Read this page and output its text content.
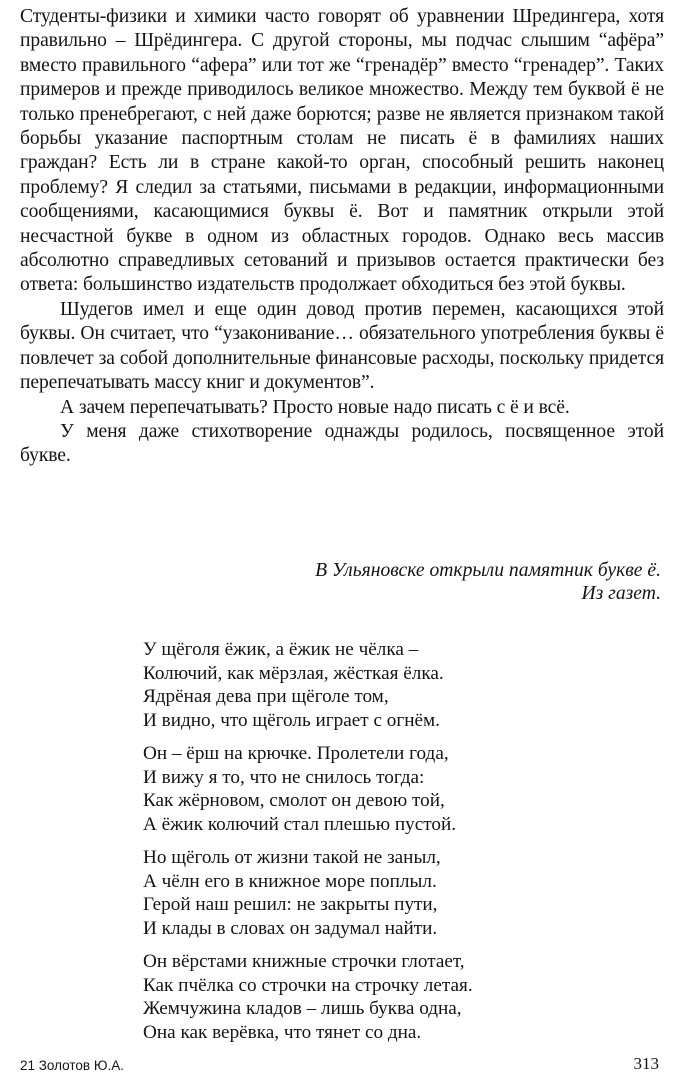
Студенты-физики и химики часто говорят об уравнении Шредингера, хотя правильно – Шрёдингера. С другой стороны, мы подчас слышим “афёра” вместо правильного “афера” или тот же “гренадёр” вместо “гренадер”. Таких примеров и прежде приводилось великое множество. Между тем буквой ё не только пренебрегают, с ней даже борются; разве не является признаком такой борьбы указание паспортным столам не писать ё в фамилиях наших граждан? Есть ли в стране какой-то орган, способный решить наконец проблему? Я следил за статьями, письмами в редакции, информационными сообщениями, касающимися буквы ё. Вот и памятник открыли этой несчастной букве в одном из областных городов. Однако весь массив абсолютно справедливых сетований и призывов остается практически без ответа: большинство издательств продолжает обходиться без этой буквы.

Шудегов имел и еще один довод против перемен, касающихся этой буквы. Он считает, что “узаконивание… обязательного употребления буквы ё повлечет за собой дополнительные финансовые расходы, поскольку придется перепечатывать массу книг и документов”.

А зачем перепечатывать? Просто новые надо писать с ё и всё.

У меня даже стихотворение однажды родилось, посвященное этой букве.

В Ульяновске открыли памятник букве ё.
Из газет.
У щёголя ёжик, а ёжик не чёлка –
Колючий, как мёрзлая, жёсткая ёлка.
Ядрёная дева при щёголе том,
И видно, что щёголь играет с огнём.
Он – ёрш на крючке. Пролетели года,
И вижу я то, что не снилось тогда:
Как жёрновом, смолот он девою той,
А ёжик колючий стал плешью пустой.
Но щёголь от жизни такой не заныл,
А чёлн его в книжное море поплыл.
Герой наш решил: не закрыты пути,
И клады в словах он задумал найти.
Он вёрстами книжные строчки глотает,
Как пчёлка со строчки на строчку летая.
Жемчужина кладов – лишь буква одна,
Она как верёвка, что тянет со дна.
21 Золотов Ю.А.	313
